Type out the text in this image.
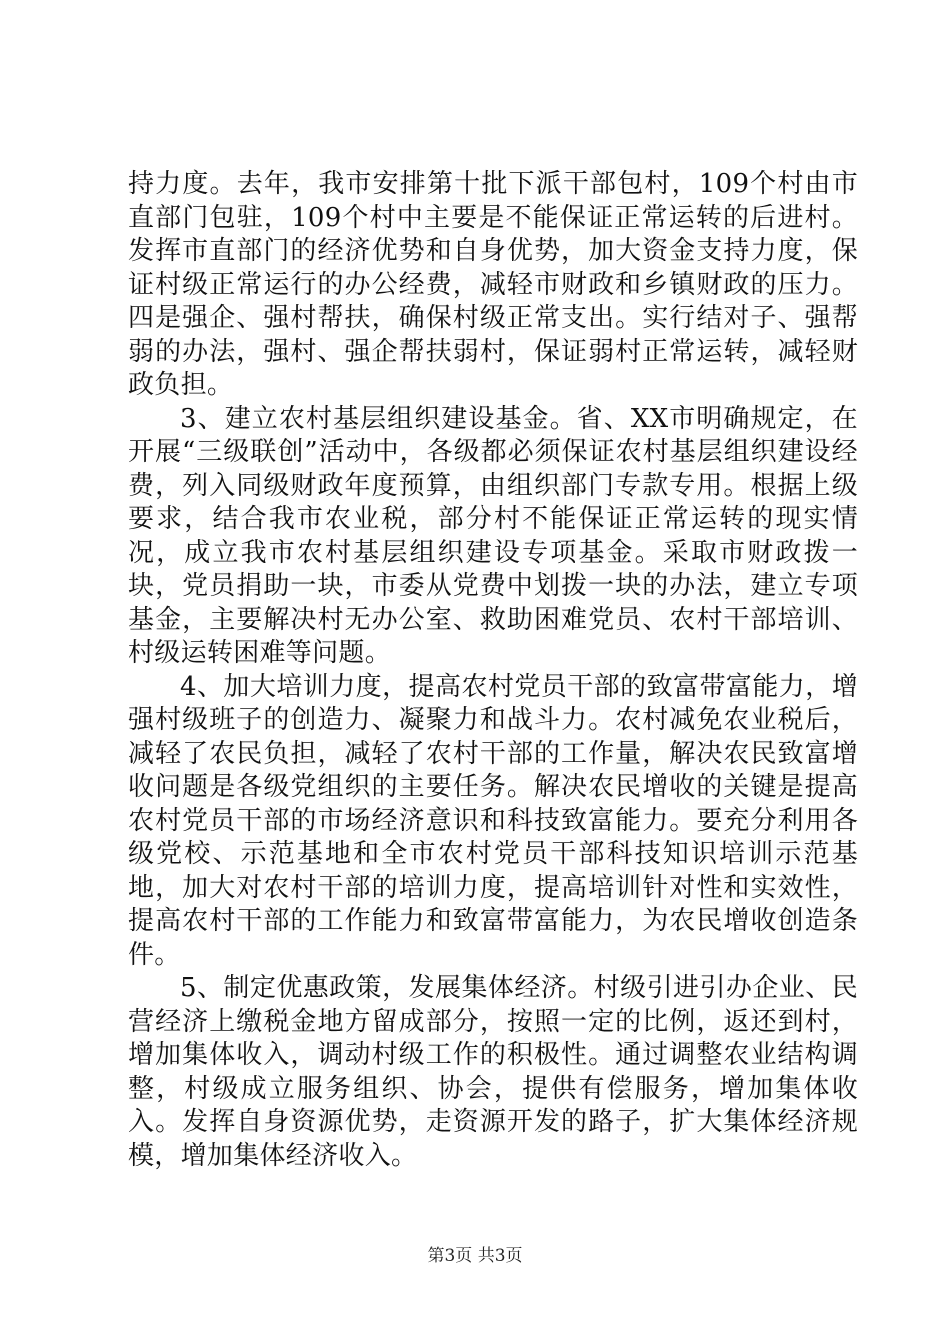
持力度。去年，我市安排第十批下派干部包村，109个村由市直部门包驻，109个村中主要是不能保证正常运转的后进村。发挥市直部门的经济优势和自身优势，加大资金支持力度，保证村级正常运行的办公经费，减轻市财政和乡镇财政的压力。四是强企、强村帮扶，确保村级正常支出。实行结对子、强帮弱的办法，强村、强企帮扶弱村，保证弱村正常运转，减轻财政负担。

3、建立农村基层组织建设基金。省、XX市明确规定，在开展“三级联创”活动中，各级都必须保证农村基层组织建设经费，列入同级财政年度预算，由组织部门专款专用。根据上级要求，结合我市农业税，部分村不能保证正常运转的现实情况，成立我市农村基层组织建设专项基金。采取市财政拨一块，党员捐助一块，市委从党费中划拨一块的办法，建立专项基金，主要解决村无办公室、救助困难党员、农村干部培训、村级运转困难等问题。

4、加大培训力度，提高农村党员干部的致富带富能力，增强村级班子的创造力、凝聚力和战斗力。农村减免农业税后，减轻了农民负担，减轻了农村干部的工作量，解决农民致富增收问题是各级党组织的主要任务。解决农民增收的关键是提高农村党员干部的市场经济意识和科技致富能力。要充分利用各级党校、示范基地和全市农村党员干部科技知识培训示范基地，加大对农村干部的培训力度，提高培训针对性和实效性，提高农村干部的工作能力和致富带富能力，为农民增收创造条件。

5、制定优惠政策，发展集体经济。村级引进引办企业、民营经济上缴税金地方留成部分，按照一定的比例，返还到村，增加集体收入，调动村级工作的积极性。通过调整农业结构调整，村级成立服务组织、协会，提供有偿服务，增加集体收入。发挥自身资源优势，走资源开发的路子，扩大集体经济规模，增加集体经济收入。

第3页 共3页
